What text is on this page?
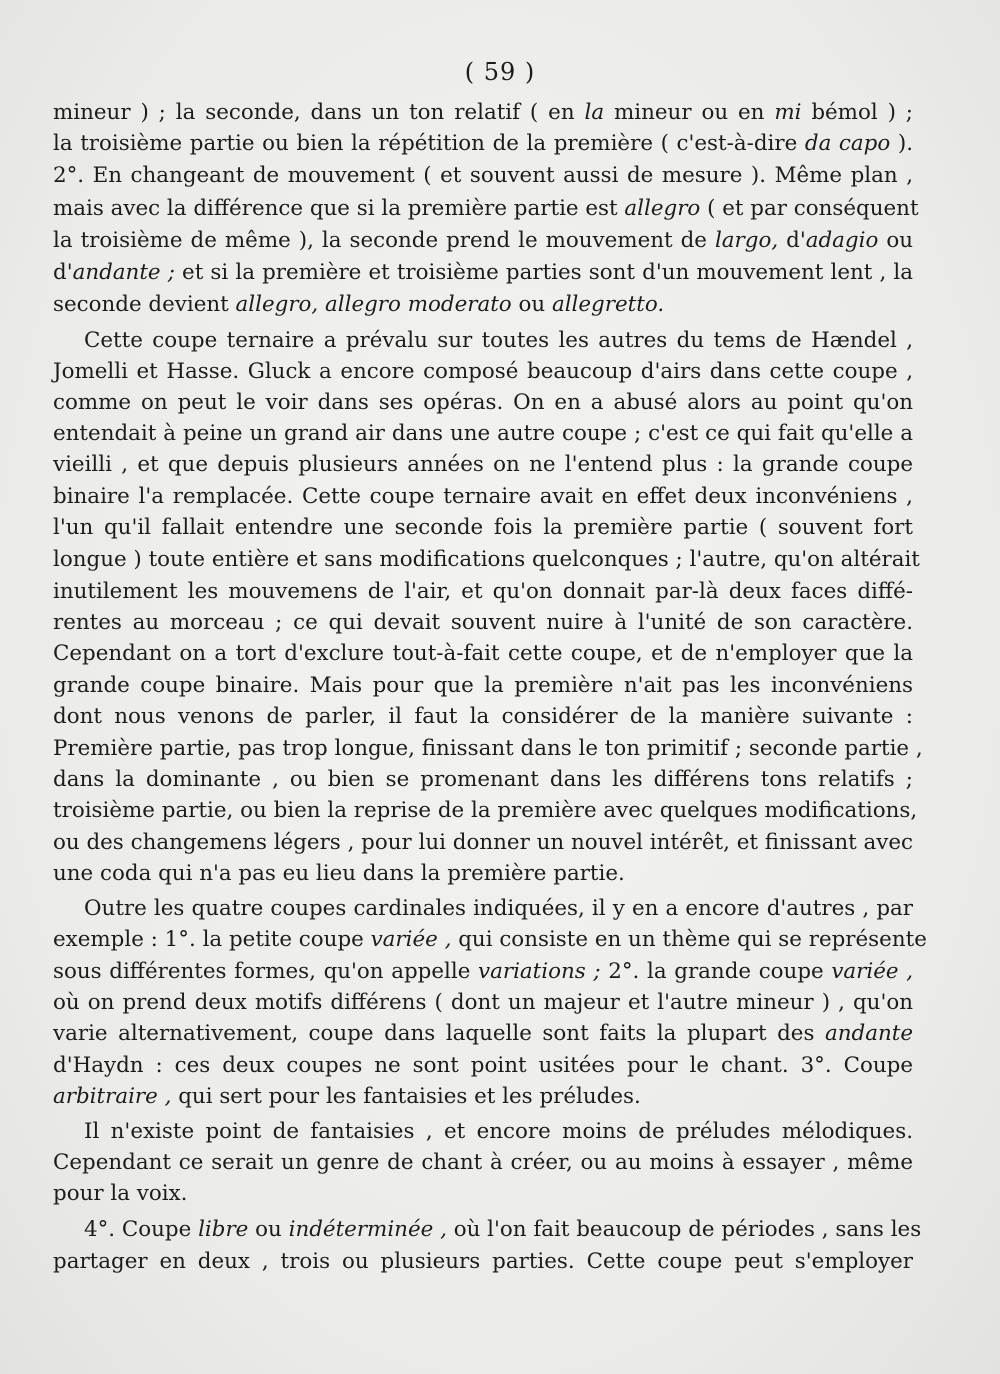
( 59 )
mineur ) ; la seconde, dans un ton relatif ( en la mineur ou en mi bémol ) ;
la troisième partie ou bien la répétition de la première ( c'est-à-dire da capo ).
2°. En changeant de mouvement ( et souvent aussi de mesure ). Même plan ,
mais avec la différence que si la première partie est allegro ( et par conséquent
la troisième de même ), la seconde prend le mouvement de largo, d'adagio ou
d'andante ; et si la première et troisième parties sont d'un mouvement lent , la
seconde devient allegro, allegro moderato ou allegretto.
Cette coupe ternaire a prévalu sur toutes les autres du tems de Hændel ,
Jomelli et Hasse. Gluck a encore composé beaucoup d'airs dans cette coupe ,
comme on peut le voir dans ses opéras. On en a abusé alors au point qu'on
entendait à peine un grand air dans une autre coupe ; c'est ce qui fait qu'elle a
vieilli , et que depuis plusieurs années on ne l'entend plus : la grande coupe
binaire l'a remplacée. Cette coupe ternaire avait en effet deux inconvéniens ,
l'un qu'il fallait entendre une seconde fois la première partie ( souvent fort
longue ) toute entière et sans modifications quelconques ; l'autre, qu'on altérait
inutilement les mouvemens de l'air, et qu'on donnait par-là deux faces diffé-
rentes au morceau ; ce qui devait souvent nuire à l'unité de son caractère.
Cependant on a tort d'exclure tout-à-fait cette coupe, et de n'employer que la
grande coupe binaire. Mais pour que la première n'ait pas les inconvéniens
dont nous venons de parler, il faut la considérer de la manière suivante :
Première partie, pas trop longue, finissant dans le ton primitif ; seconde partie ,
dans la dominante , ou bien se promenant dans les différens tons relatifs ;
troisième partie, ou bien la reprise de la première avec quelques modifications,
ou des changemens légers , pour lui donner un nouvel intérêt, et finissant avec
une coda qui n'a pas eu lieu dans la première partie.
Outre les quatre coupes cardinales indiquées, il y en a encore d'autres , par
exemple : 1°. la petite coupe variée , qui consiste en un thème qui se représente
sous différentes formes, qu'on appelle variations ; 2°. la grande coupe variée ,
où on prend deux motifs différens ( dont un majeur et l'autre mineur ) , qu'on
varie alternativement, coupe dans laquelle sont faits la plupart des andante
d'Haydn : ces deux coupes ne sont point usitées pour le chant. 3°. Coupe
arbitraire , qui sert pour les fantaisies et les préludes.
Il n'existe point de fantaisies , et encore moins de préludes mélodiques.
Cependant ce serait un genre de chant à créer, ou au moins à essayer , même
pour la voix.
4°. Coupe libre ou indéterminée , où l'on fait beaucoup de périodes , sans les
partager en deux , trois ou plusieurs parties. Cette coupe peut s'employer
